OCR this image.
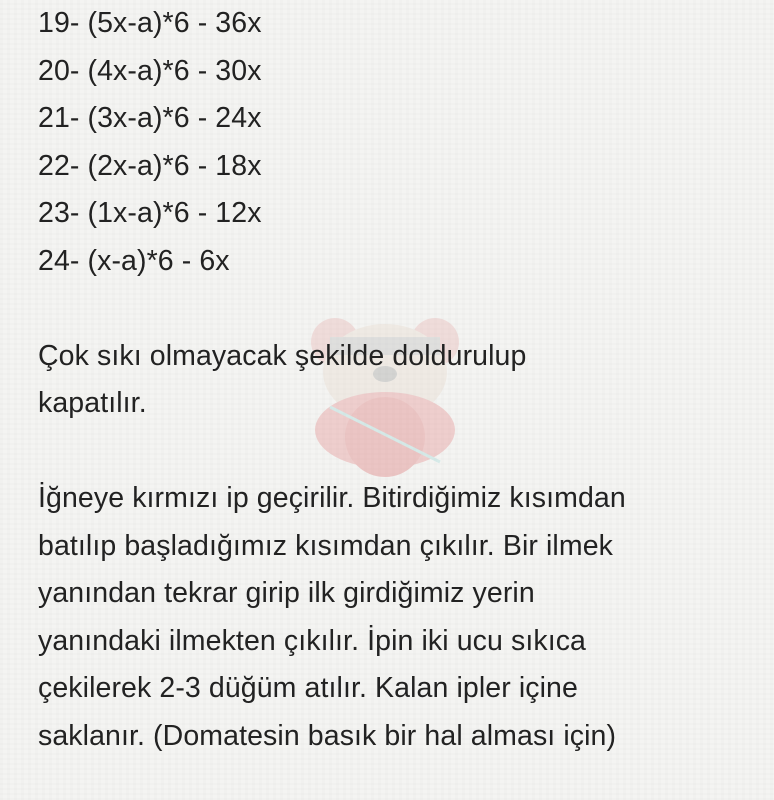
19- (5x-a)*6 - 36x
20- (4x-a)*6 - 30x
21- (3x-a)*6 - 24x
22- (2x-a)*6 - 18x
23- (1x-a)*6 - 12x
24- (x-a)*6 - 6x
Çok sıkı olmayacak şekilde doldurulup
kapatılır.
İğneye kırmızı ip geçirilir. Bitirdiğimiz kısımdan
batılıp başladığımız kısımdan çıkılır. Bir ilmek
yanından tekrar girip ilk girdiğimiz yerin
yanındaki ilmekten çıkılır. İpin iki ucu sıkıca
çekilerek 2-3 düğüm atılır. Kalan ipler içine
saklanır. (Domatesin basık bir hal alması için)
